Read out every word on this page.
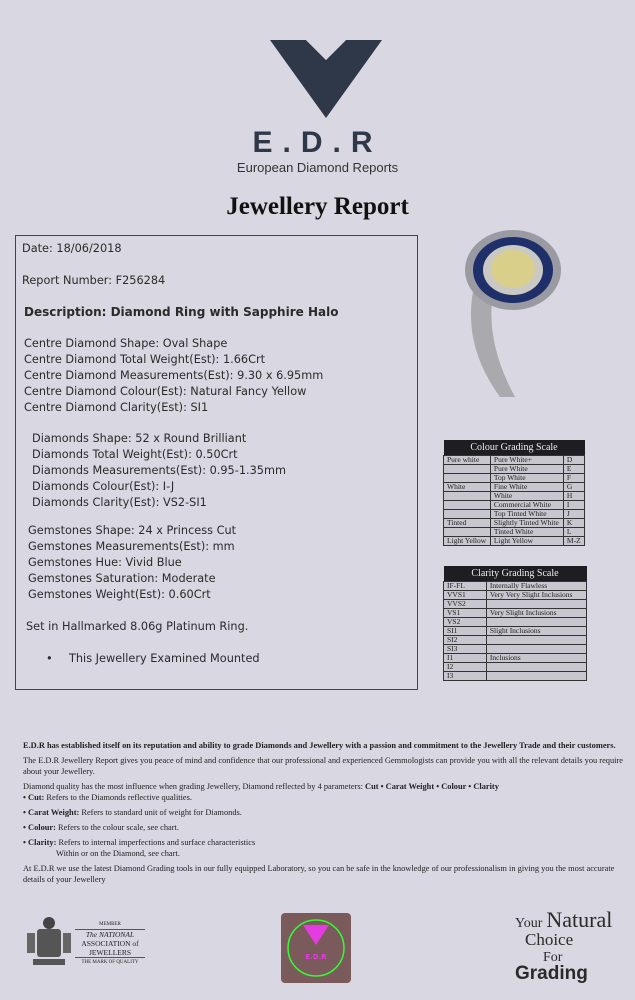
E.D.R
European Diamond Reports
Jewellery Report
Date: 18/06/2018
Report Number: F256284
Description: Diamond Ring with Sapphire Halo
Centre Diamond Shape: Oval Shape
Centre Diamond Total Weight(Est): 1.66Crt
Centre Diamond Measurements(Est): 9.30 x 6.95mm
Centre Diamond Colour(Est): Natural Fancy Yellow
Centre Diamond Clarity(Est): SI1
Diamonds Shape: 52 x Round Brilliant
Diamonds Total Weight(Est): 0.50Crt
Diamonds Measurements(Est): 0.95-1.35mm
Diamonds Colour(Est): I-J
Diamonds Clarity(Est): VS2-SI1
Gemstones Shape: 24 x Princess Cut
Gemstones Measurements(Est): mm
Gemstones Hue: Vivid Blue
Gemstones Saturation: Moderate
Gemstones Weight(Est): 0.60Crt
Set in Hallmarked 8.06g Platinum Ring.
• This Jewellery Examined Mounted
Colour Grading Scale		
Pure white	Pure White+	D
	Pure White	E
	Top White	F
White	Fine White	G
	White	H
	Commercial White	I
	Top Tinted White	J
Tinted	Slightly Tinted White	K
	Tinted White	L
Light Yellow	Light Yellow	M-Z
Clarity Grading Scale	
IF-FL	Internally Flawless
VVS1	Very Very Slight Inclusions
VVS2	
VS1	Very Slight Inclusions
VS2	
SI1	Slight Inclusions
SI2	
SI3	
I1	Inclusions
I2	
I3	

E.D.R has established itself on its reputation and ability to grade Diamonds and Jewellery with a passion and commitment to the Jewellery Trade and their customers.

The E.D.R Jewellery Report gives you peace of mind and confidence that our professional and experienced Gemmologists can provide you with all the relevant details you require about your Jewellery.

Diamond quality has the most influence when grading Jewellery, Diamond reflected by 4 parameters: Cut • Carat Weight • Colour • Clarity
• Cut: Refers to the Diamonds reflective qualities.
• Carat Weight: Refers to standard unit of weight for Diamonds.
• Colour: Refers to the colour scale, see chart.
• Clarity: Refers to internal imperfections and surface characteristics

Within or on the Diamond, see chart.

At E.D.R we use the latest Diamond Grading tools in our fully equipped Laboratory, so you can be safe in the knowledge of our professionalism in giving you the most accurate details of your Jewellery

MEMBER
The NATIONAL
ASSOCIATION of
JEWELLERS
THE MARK OF QUALITY
E.D.R
Your Natural
Choice
For Grading
